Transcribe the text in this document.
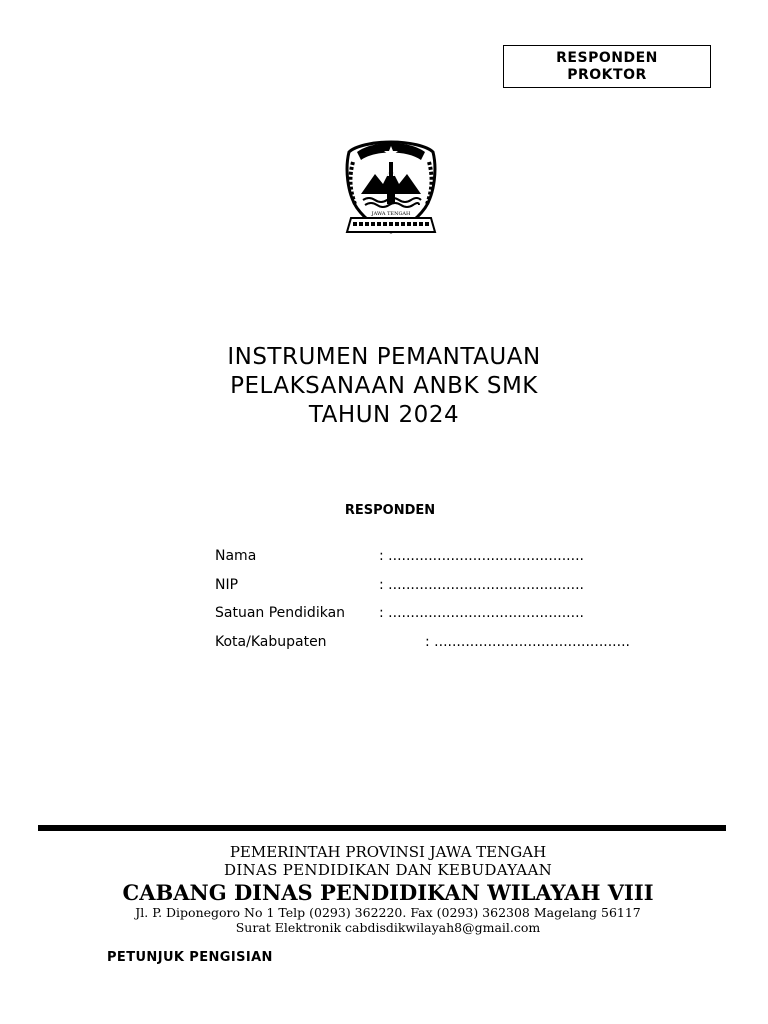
RESPONDEN
PROKTOR
JAWA TENGAH
INSTRUMEN PEMANTAUAN
PELAKSANAAN ANBK SMK
TAHUN 2024
RESPONDEN
Nama	: ............................................
NIP	: ............................................
Satuan Pendidikan : ............................................
Kota/Kabupaten	: ............................................
PEMERINTAH PROVINSI JAWA TENGAH
DINAS PENDIDIKAN DAN KEBUDAYAAN
CABANG DINAS PENDIDIKAN WILAYAH VIII
Jl. P. Diponegoro No 1 Telp (0293) 362220. Fax (0293) 362308 Magelang 56117
Surat Elektronik cabdisdikwilayah8@gmail.com
PETUNJUK PENGISIAN
